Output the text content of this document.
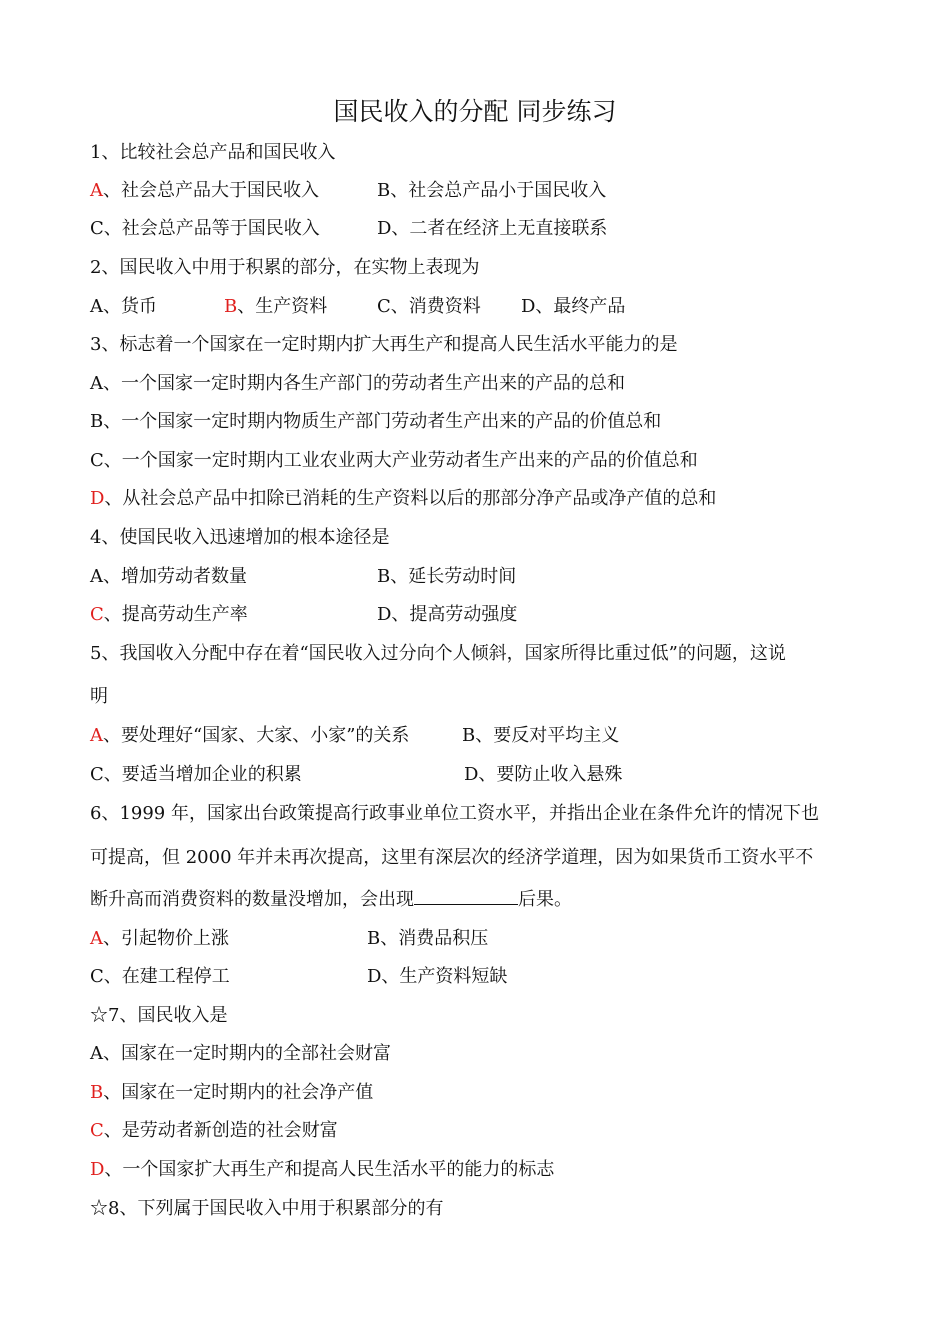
国民收入的分配 同步练习
1、比较社会总产品和国民收入
A、社会总产品大于国民收入	B、社会总产品小于国民收入
C、社会总产品等于国民收入	D、二者在经济上无直接联系
2、国民收入中用于积累的部分，在实物上表现为
A、货币	B、生产资料	C、消费资料 D、最终产品
3、标志着一个国家在一定时期内扩大再生产和提高人民生活水平能力的是
A、一个国家一定时期内各生产部门的劳动者生产出来的产品的总和
B、一个国家一定时期内物质生产部门劳动者生产出来的产品的价值总和
C、一个国家一定时期内工业农业两大产业劳动者生产出来的产品的价值总和
D、从社会总产品中扣除已消耗的生产资料以后的那部分净产品或净产值的总和
4、使国民收入迅速增加的根本途径是
A、增加劳动者数量	B、延长劳动时间
C、提高劳动生产率	D、提高劳动强度
5、我国收入分配中存在着“国民收入过分向个人倾斜，国家所得比重过低”的问题，这说
明
A、要处理好“国家、大家、小家”的关系	B、要反对平均主义
C、要适当增加企业的积累	D、要防止收入悬殊
6、1999 年，国家出台政策提高行政事业单位工资水平，并指出企业在条件允许的情况下也
可提高，但 2000 年并未再次提高，这里有深层次的经济学道理，因为如果货币工资水平不
断升高而消费资料的数量没增加，会出现	后果。
A、引起物价上涨	B、消费品积压
C、在建工程停工	D、生产资料短缺
☆7、国民收入是
A、国家在一定时期内的全部社会财富
B、国家在一定时期内的社会净产值
C、是劳动者新创造的社会财富
D、一个国家扩大再生产和提高人民生活水平的能力的标志
☆8、下列属于国民收入中用于积累部分的有
